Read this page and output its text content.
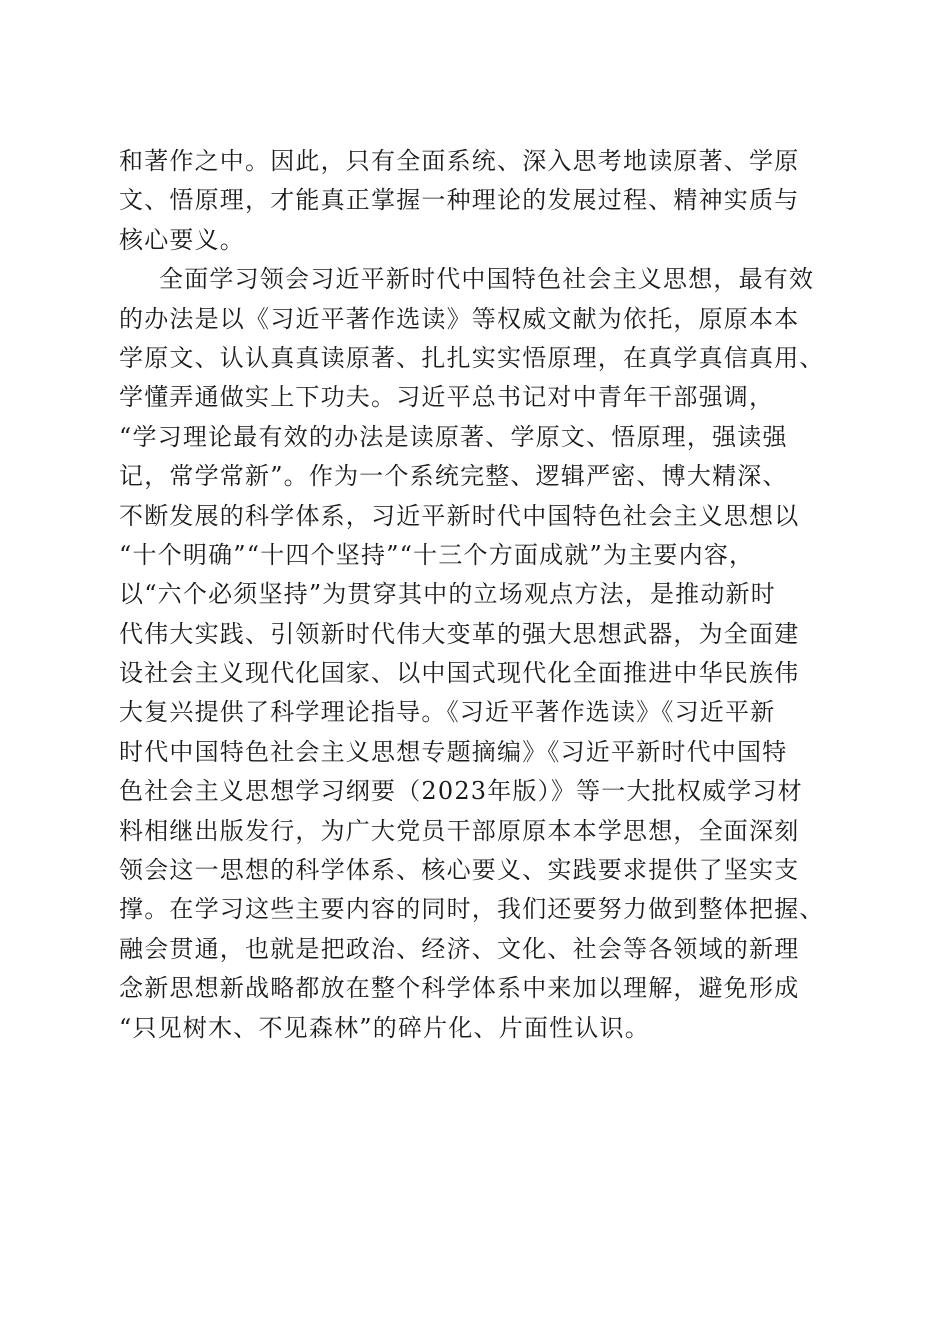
和著作之中。因此，只有全面系统、深入思考地读原著、学原
文、悟原理，才能真正掌握一种理论的发展过程、精神实质与
核心要义。
全面学习领会习近平新时代中国特色社会主义思想，最有效
的办法是以《习近平著作选读》等权威文献为依托，原原本本
学原文、认认真真读原著、扎扎实实悟原理，在真学真信真用、
学懂弄通做实上下功夫。习近平总书记对中青年干部强调，
“学习理论最有效的办法是读原著、学原文、悟原理，强读强
记，常学常新”。作为一个系统完整、逻辑严密、博大精深、
不断发展的科学体系，习近平新时代中国特色社会主义思想以
“十个明确”“十四个坚持”“十三个方面成就”为主要内容，
以“六个必须坚持”为贯穿其中的立场观点方法，是推动新时
代伟大实践、引领新时代伟大变革的强大思想武器，为全面建
设社会主义现代化国家、以中国式现代化全面推进中华民族伟
大复兴提供了科学理论指导。《习近平著作选读》《习近平新
时代中国特色社会主义思想专题摘编》《习近平新时代中国特
色社会主义思想学习纲要（2023年版）》等一大批权威学习材
料相继出版发行，为广大党员干部原原本本学思想，全面深刻
领会这一思想的科学体系、核心要义、实践要求提供了坚实支
撑。在学习这些主要内容的同时，我们还要努力做到整体把握、
融会贯通，也就是把政治、经济、文化、社会等各领域的新理
念新思想新战略都放在整个科学体系中来加以理解，避免形成
“只见树木、不见森林”的碎片化、片面性认识。
